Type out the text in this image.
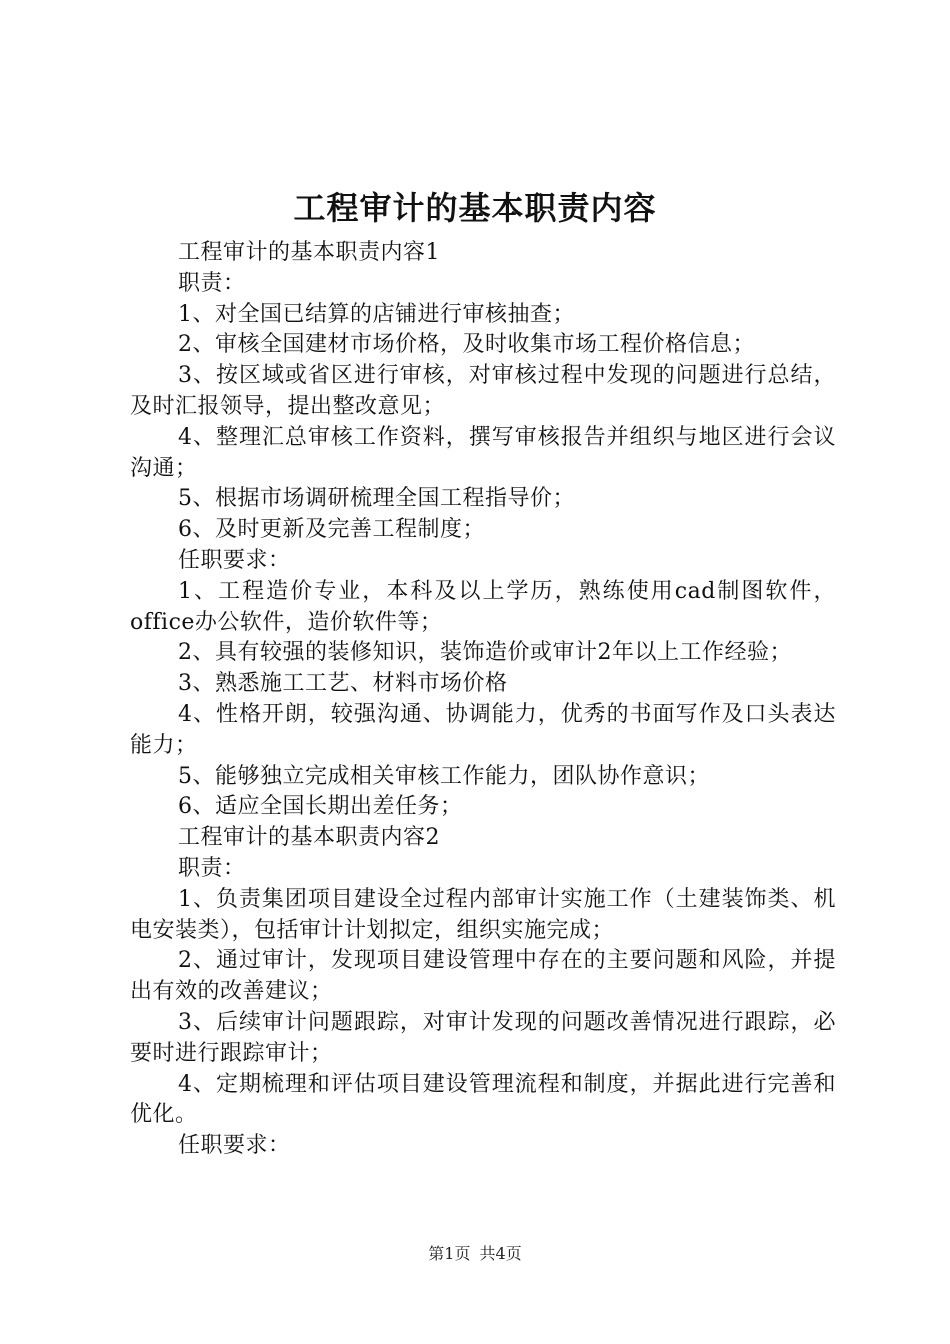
工程审计的基本职责内容

工程审计的基本职责内容1

职责：

1、对全国已结算的店铺进行审核抽查；

2、审核全国建材市场价格，及时收集市场工程价格信息；

3、按区域或省区进行审核，对审核过程中发现的问题进行总结，及时汇报领导，提出整改意见；

4、整理汇总审核工作资料，撰写审核报告并组织与地区进行会议沟通；

5、根据市场调研梳理全国工程指导价；

6、及时更新及完善工程制度；

任职要求：

1、工程造价专业，本科及以上学历，熟练使用cad制图软件，office办公软件，造价软件等；

2、具有较强的装修知识，装饰造价或审计2年以上工作经验；

3、熟悉施工工艺、材料市场价格

4、性格开朗，较强沟通、协调能力，优秀的书面写作及口头表达能力；

5、能够独立完成相关审核工作能力，团队协作意识；

6、适应全国长期出差任务；

工程审计的基本职责内容2

职责：

1、负责集团项目建设全过程内部审计实施工作（土建装饰类、机电安装类），包括审计计划拟定，组织实施完成；

2、通过审计，发现项目建设管理中存在的主要问题和风险，并提出有效的改善建议；

3、后续审计问题跟踪，对审计发现的问题改善情况进行跟踪，必要时进行跟踪审计；

4、定期梳理和评估项目建设管理流程和制度，并据此进行完善和优化。

任职要求：

第1页 共4页
